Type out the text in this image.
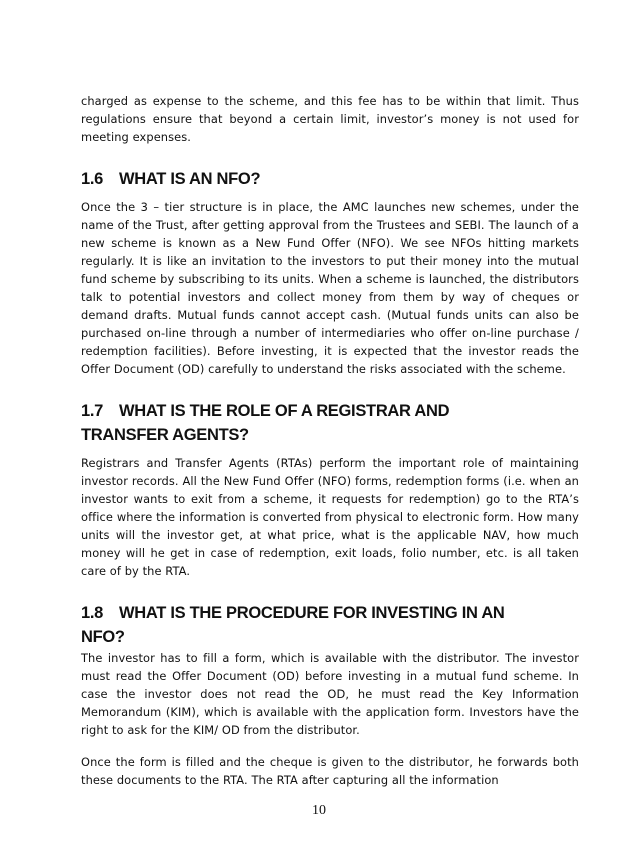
charged as expense to the scheme, and this fee has to be within that limit. Thus regulations ensure that beyond a certain limit, investor’s money is not used for meeting expenses.

1.6 WHAT IS AN NFO?

Once the 3 – tier structure is in place, the AMC launches new schemes, under the name of the Trust, after getting approval from the Trustees and SEBI. The launch of a new scheme is known as a New Fund Offer (NFO). We see NFOs hitting markets regularly. It is like an invitation to the investors to put their money into the mutual fund scheme by subscribing to its units. When a scheme is launched, the distributors talk to potential investors and collect money from them by way of cheques or demand drafts. Mutual funds cannot accept cash. (Mutual funds units can also be purchased on-line through a number of intermediaries who offer on-line purchase / redemption facilities). Before investing, it is expected that the investor reads the Offer Document (OD) carefully to understand the risks associated with the scheme.

1.7 WHAT IS THE ROLE OF A REGISTRAR AND
TRANSFER AGENTS?

Registrars and Transfer Agents (RTAs) perform the important role of maintaining investor records. All the New Fund Offer (NFO) forms, redemption forms (i.e. when an investor wants to exit from a scheme, it requests for redemption) go to the RTA’s office where the information is converted from physical to electronic form. How many units will the investor get, at what price, what is the applicable NAV, how much money will he get in case of redemption, exit loads, folio number, etc. is all taken care of by the RTA.

1.8 WHAT IS THE PROCEDURE FOR INVESTING IN AN
NFO?

The investor has to fill a form, which is available with the distributor. The investor must read the Offer Document (OD) before investing in a mutual fund scheme. In case the investor does not read the OD, he must read the Key Information Memorandum (KIM), which is available with the application form. Investors have the right to ask for the KIM/ OD from the distributor.

Once the form is filled and the cheque is given to the distributor, he forwards both these documents to the RTA. The RTA after capturing all the information

10
